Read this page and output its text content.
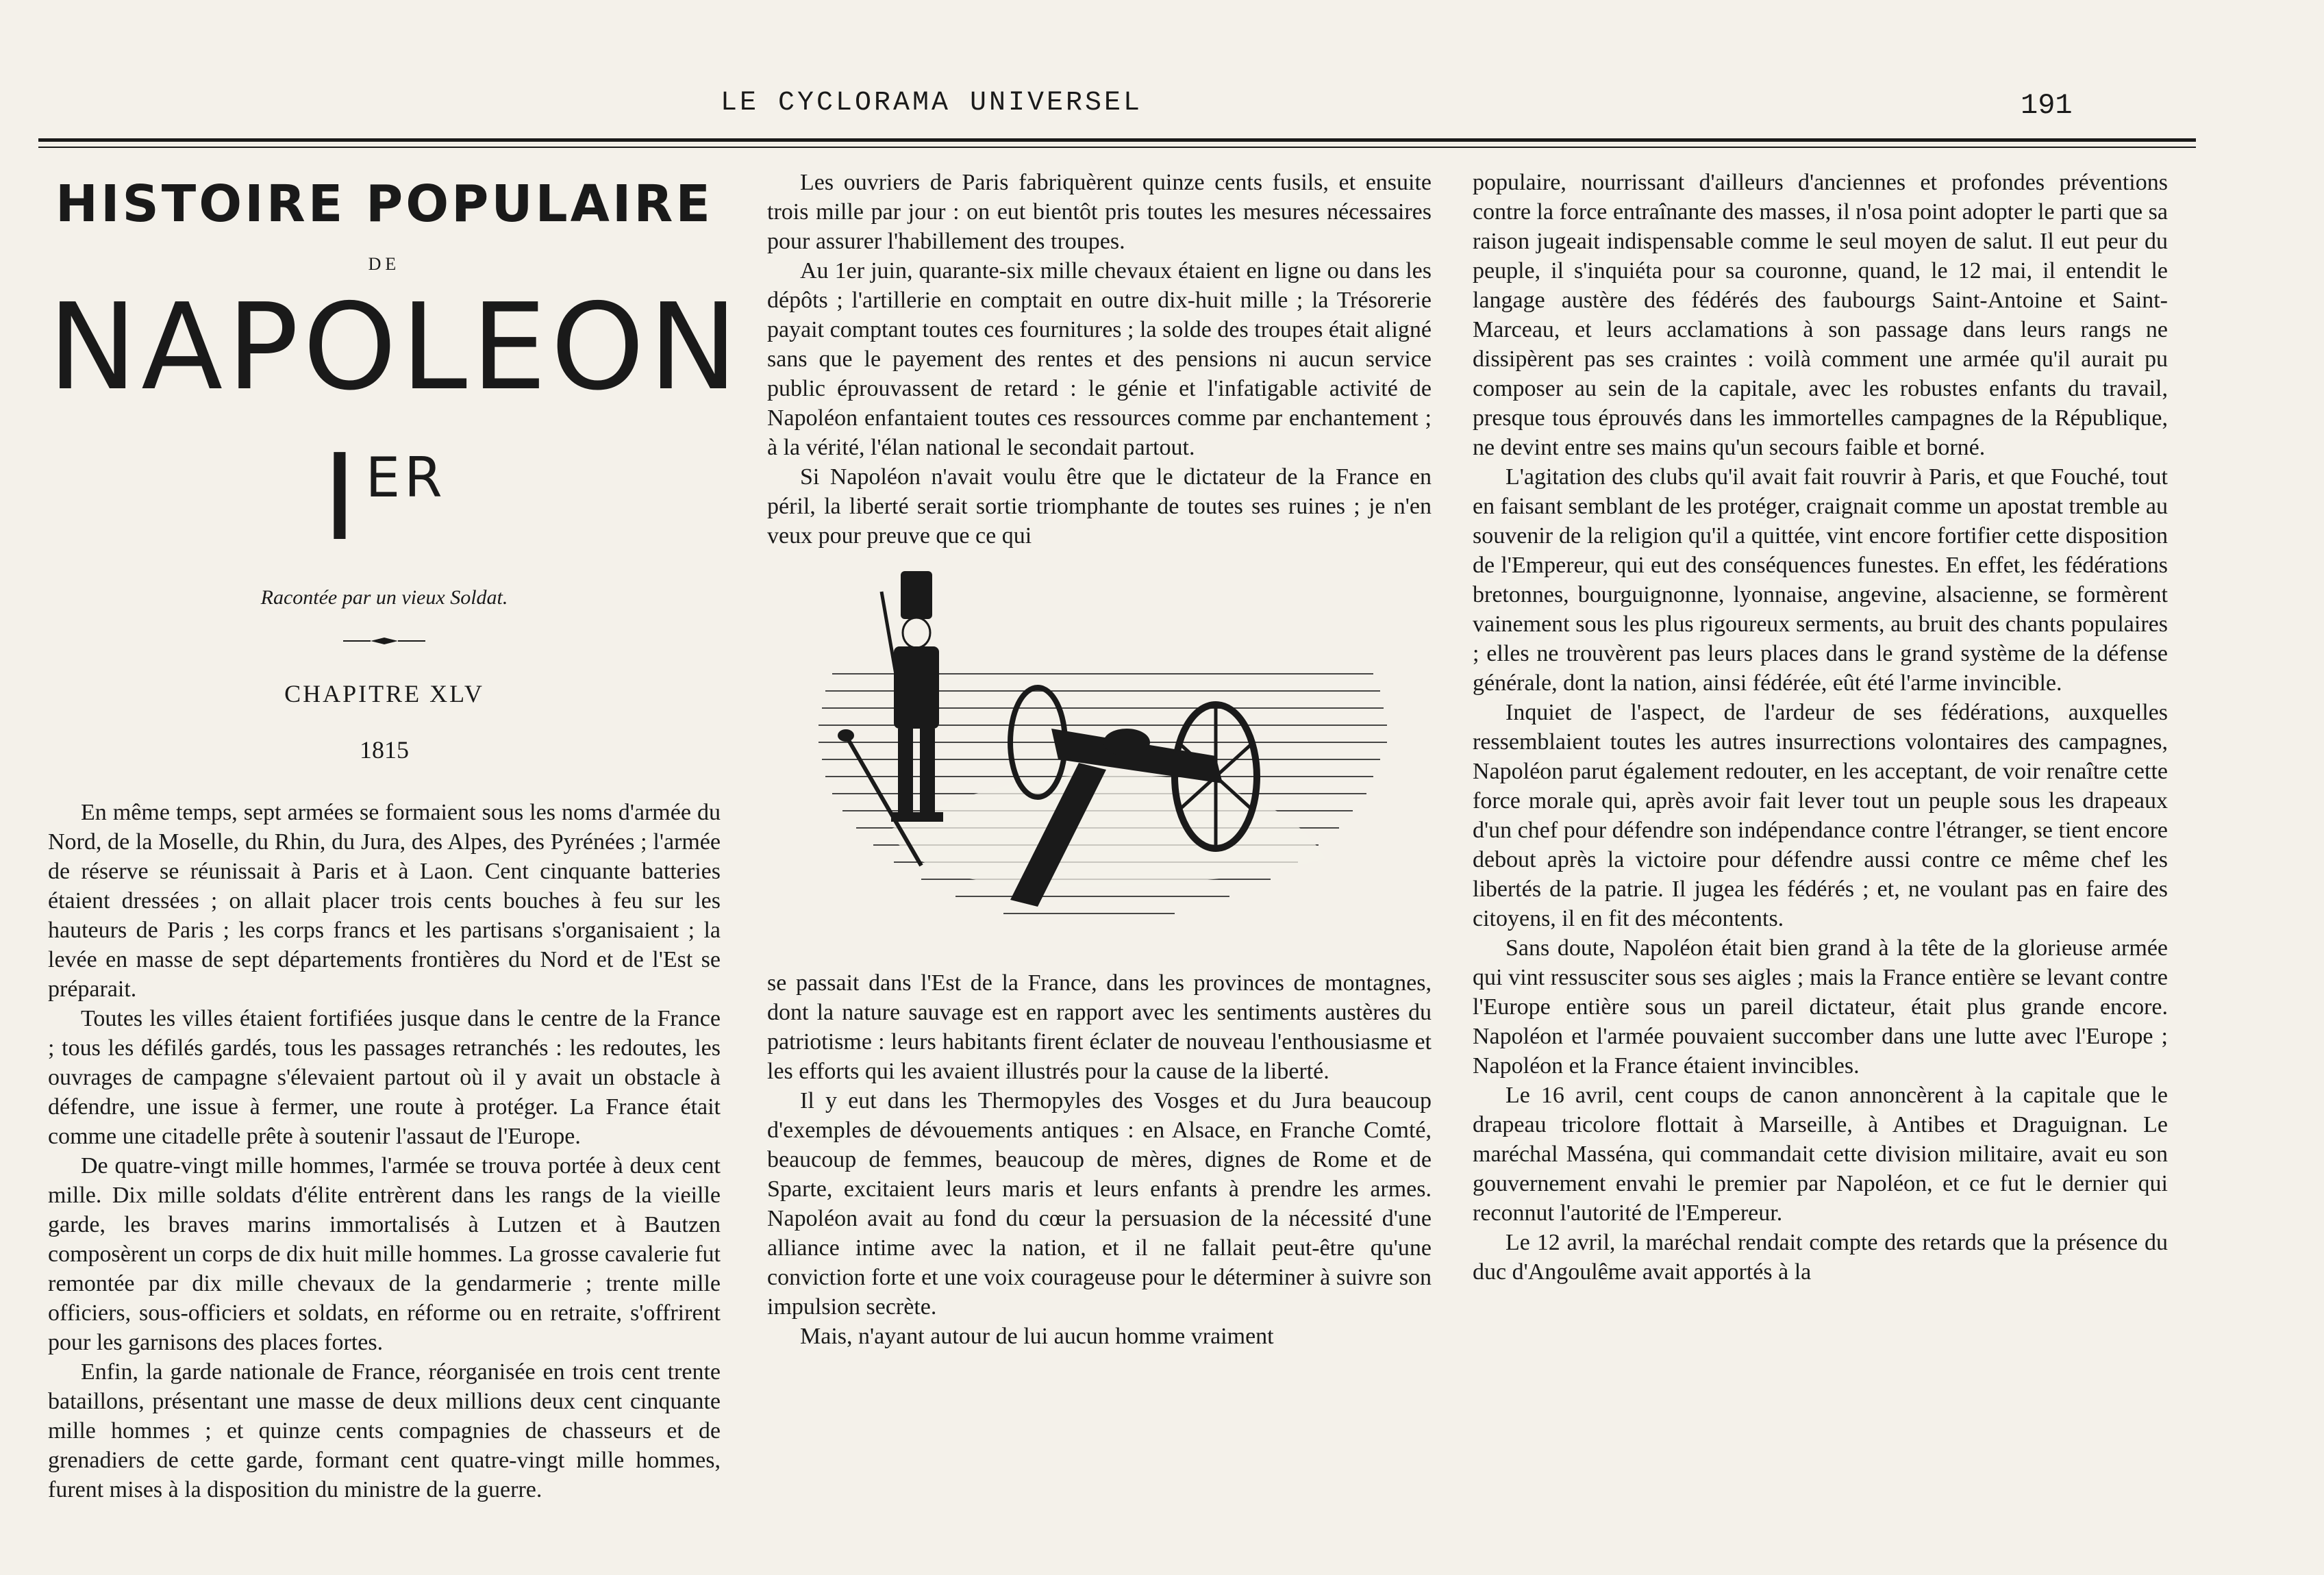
LE CYCLORAMA UNIVERSEL	191
HISTOIRE POPULAIRE
DE
NAPOLEON IER
Racontée par un vieux Soldat.
CHAPITRE XLV
1815

En même temps, sept armées se formaient sous les noms d'armée du Nord, de la Moselle, du Rhin, du Jura, des Alpes, des Pyrénées ; l'armée de réserve se réunissait à Paris et à Laon. Cent cinquante batteries étaient dressées ; on allait placer trois cents bouches à feu sur les hauteurs de Paris ; les corps francs et les partisans s'organisaient ; la levée en masse de sept départements frontières du Nord et de l'Est se préparait.

Toutes les villes étaient fortifiées jusque dans le centre de la France ; tous les défilés gardés, tous les passages retranchés : les redoutes, les ouvrages de campagne s'élevaient partout où il y avait un obstacle à défendre, une issue à fermer, une route à protéger. La France était comme une citadelle prête à soutenir l'assaut de l'Europe.

De quatre-vingt mille hommes, l'armée se trouva portée à deux cent mille. Dix mille soldats d'élite entrèrent dans les rangs de la vieille garde, les braves marins immortalisés à Lutzen et à Bautzen composèrent un corps de dix huit mille hommes. La grosse cavalerie fut remontée par dix mille chevaux de la gendarmerie ; trente mille officiers, sous-officiers et soldats, en réforme ou en retraite, s'offrirent pour les garnisons des places fortes.

Enfin, la garde nationale de France, réorganisée en trois cent trente bataillons, présentant une masse de deux millions deux cent cinquante mille hommes ; et quinze cents compagnies de chasseurs et de grenadiers de cette garde, formant cent quatre-vingt mille hommes, furent mises à la disposition du ministre de la guerre.

Les ouvriers de Paris fabriquèrent quinze cents fusils, et ensuite trois mille par jour : on eut bientôt pris toutes les mesures nécessaires pour assurer l'habillement des troupes.

Au 1er juin, quarante-six mille chevaux étaient en ligne ou dans les dépôts ; l'artillerie en comptait en outre dix-huit mille ; la Trésorerie payait comptant toutes ces fournitures ; la solde des troupes était aligné sans que le payement des rentes et des pensions ni aucun service public éprouvassent de retard : le génie et l'infatigable activité de Napoléon enfantaient toutes ces ressources comme par enchantement ; à la vérité, l'élan national le secondait partout.

Si Napoléon n'avait voulu être que le dictateur de la France en péril, la liberté serait sortie triomphante de toutes ses ruines ; je n'en veux pour preuve que ce qui

se passait dans l'Est de la France, dans les provinces de montagnes, dont la nature sauvage est en rapport avec les sentiments austères du patriotisme : leurs habitants firent éclater de nouveau l'enthousiasme et les efforts qui les avaient illustrés pour la cause de la liberté.

Il y eut dans les Thermopyles des Vosges et du Jura beaucoup d'exemples de dévouements antiques : en Alsace, en Franche Comté, beaucoup de femmes, beaucoup de mères, dignes de Rome et de Sparte, excitaient leurs maris et leurs enfants à prendre les armes. Napoléon avait au fond du cœur la persuasion de la nécessité d'une alliance intime avec la nation, et il ne fallait peut-être qu'une conviction forte et une voix courageuse pour le déterminer à suivre son impulsion secrète.

Mais, n'ayant autour de lui aucun homme vraiment

populaire, nourrissant d'ailleurs d'anciennes et profondes préventions contre la force entraînante des masses, il n'osa point adopter le parti que sa raison jugeait indispensable comme le seul moyen de salut. Il eut peur du peuple, il s'inquiéta pour sa couronne, quand, le 12 mai, il entendit le langage austère des fédérés des faubourgs Saint-Antoine et Saint-Marceau, et leurs acclamations à son passage dans leurs rangs ne dissipèrent pas ses craintes : voilà comment une armée qu'il aurait pu composer au sein de la capitale, avec les robustes enfants du travail, presque tous éprouvés dans les immortelles campagnes de la République, ne devint entre ses mains qu'un secours faible et borné.

L'agitation des clubs qu'il avait fait rouvrir à Paris, et que Fouché, tout en faisant semblant de les protéger, craignait comme un apostat tremble au souvenir de la religion qu'il a quittée, vint encore fortifier cette disposition de l'Empereur, qui eut des conséquences funestes. En effet, les fédérations bretonnes, bourguignonne, lyonnaise, angevine, alsacienne, se formèrent vainement sous les plus rigoureux serments, au bruit des chants populaires ; elles ne trouvèrent pas leurs places dans le grand système de la défense générale, dont la nation, ainsi fédérée, eût été l'arme invincible.

Inquiet de l'aspect, de l'ardeur de ses fédérations, auxquelles ressemblaient toutes les autres insurrections volontaires des campagnes, Napoléon parut également redouter, en les acceptant, de voir renaître cette force morale qui, après avoir fait lever tout un peuple sous les drapeaux d'un chef pour défendre son indépendance contre l'étranger, se tient encore debout après la victoire pour défendre aussi contre ce même chef les libertés de la patrie. Il jugea les fédérés ; et, ne voulant pas en faire des citoyens, il en fit des mécontents.

Sans doute, Napoléon était bien grand à la tête de la glorieuse armée qui vint ressusciter sous ses aigles ; mais la France entière se levant contre l'Europe entière sous un pareil dictateur, était plus grande encore. Napoléon et l'armée pouvaient succomber dans une lutte avec l'Europe ; Napoléon et la France étaient invincibles.

Le 16 avril, cent coups de canon annoncèrent à la capitale que le drapeau tricolore flottait à Marseille, à Antibes et Draguignan. Le maréchal Masséna, qui commandait cette division militaire, avait eu son gouvernement envahi le premier par Napoléon, et ce fut le dernier qui reconnut l'autorité de l'Empereur.

Le 12 avril, la maréchal rendait compte des retards que la présence du duc d'Angoulême avait apportés à la
